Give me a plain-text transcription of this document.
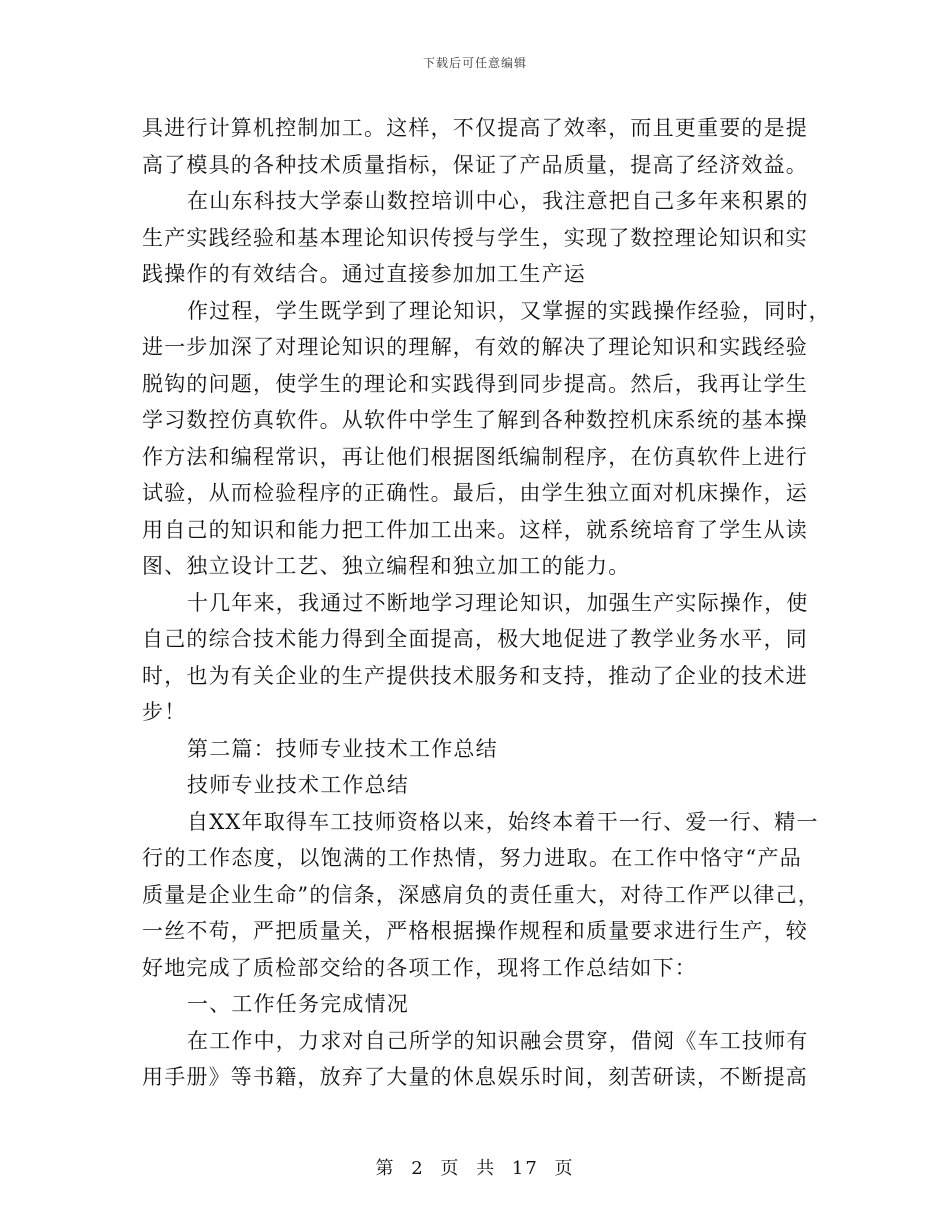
下载后可任意编辑
具进行计算机控制加工。这样，不仅提高了效率，而且更重要的是提
高了模具的各种技术质量指标，保证了产品质量，提高了经济效益。
在山东科技大学泰山数控培训中心，我注意把自己多年来积累的
生产实践经验和基本理论知识传授与学生，实现了数控理论知识和实
践操作的有效结合。通过直接参加加工生产运
作过程，学生既学到了理论知识，又掌握的实践操作经验，同时，
进一步加深了对理论知识的理解，有效的解决了理论知识和实践经验
脱钩的问题，使学生的理论和实践得到同步提高。然后，我再让学生
学习数控仿真软件。从软件中学生了解到各种数控机床系统的基本操
作方法和编程常识，再让他们根据图纸编制程序，在仿真软件上进行
试验，从而检验程序的正确性。最后，由学生独立面对机床操作，运
用自己的知识和能力把工件加工出来。这样，就系统培育了学生从读
图、独立设计工艺、独立编程和独立加工的能力。
十几年来，我通过不断地学习理论知识，加强生产实际操作，使
自己的综合技术能力得到全面提高，极大地促进了教学业务水平，同
时，也为有关企业的生产提供技术服务和支持，推动了企业的技术进
步！
第二篇：技师专业技术工作总结
技师专业技术工作总结
自XX年取得车工技师资格以来，始终本着干一行、爱一行、精一
行的工作态度，以饱满的工作热情，努力进取。在工作中恪守“产品
质量是企业生命”的信条，深感肩负的责任重大，对待工作严以律己，
一丝不苟，严把质量关，严格根据操作规程和质量要求进行生产，较
好地完成了质检部交给的各项工作，现将工作总结如下：
一、工作任务完成情况
在工作中，力求对自己所学的知识融会贯穿，借阅《车工技师有
用手册》等书籍，放弃了大量的休息娱乐时间，刻苦研读，不断提高
第 2 页 共 17 页
